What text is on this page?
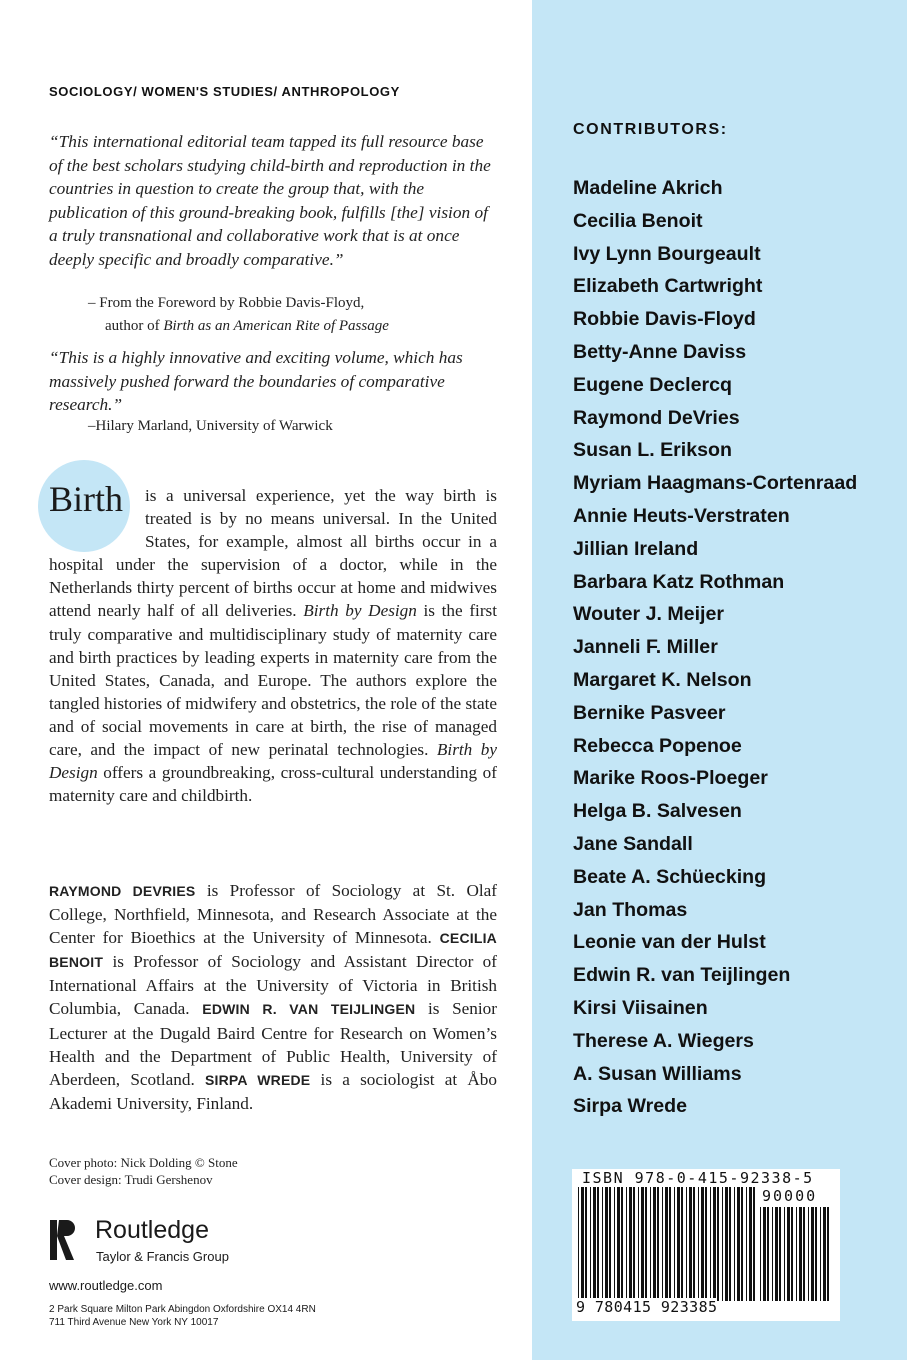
SOCIOLOGY/ WOMEN'S STUDIES/ ANTHROPOLOGY

“This international editorial team tapped its full resource base of the best scholars studying child-birth and reproduction in the countries in question to create the group that, with the publication of this ground-breaking book, fulfills [the] vision of a truly transnational and collaborative work that is at once deeply specific and broadly comparative.”

– From the Foreword by Robbie Davis-Floyd,
author of Birth as an American Rite of Passage

“This is a highly innovative and exciting volume, which has massively pushed forward the boundaries of comparative research.”

–Hilary Marland, University of Warwick
Birth	is a universal experience, yet the way birth is treated is by no means universal. In the United States, for example, almost all births occur in a hospital under the supervision of a doctor, while in the Netherlands thirty percent of births occur at home and midwives attend nearly half of all deliveries. Birth by Design is the first truly comparative and multidisciplinary study of maternity care and birth practices by leading experts in maternity care from the United States, Canada, and Europe. The authors explore the tangled histories of midwifery and obstetrics, the role of the state and of social movements in care at birth, the rise of managed care, and the impact of new perinatal technologies. Birth by Design offers a groundbreaking, cross-cultural understanding of maternity care and childbirth.
RAYMOND DEVRIES is Professor of Sociology at St. Olaf College, Northfield, Minnesota, and Research Associate at the Center for Bioethics at the University of Minnesota. CECILIA BENOIT is Professor of Sociology and Assistant Director of International Affairs at the University of Victoria in British Columbia, Canada. EDWIN R. VAN TEIJLINGEN is Senior Lecturer at the Dugald Baird Centre for Research on Women’s Health and the Department of Public Health, University of Aberdeen, Scotland. SIRPA WREDE is a sociologist at Åbo Akademi University, Finland.
Cover photo: Nick Dolding © Stone
Cover design: Trudi Gershenov
Routledge
Taylor & Francis Group
www.routledge.com
2 Park Square Milton Park Abingdon Oxfordshire OX14 4RN
711 Third Avenue New York NY 10017
CONTRIBUTORS:
Madeline Akrich
Cecilia Benoit
Ivy Lynn Bourgeault
Elizabeth Cartwright
Robbie Davis-Floyd
Betty-Anne Daviss
Eugene Declercq
Raymond DeVries
Susan L. Erikson
Myriam Haagmans-Cortenraad
Annie Heuts-Verstraten
Jillian Ireland
Barbara Katz Rothman
Wouter J. Meijer
Janneli F. Miller
Margaret K. Nelson
Bernike Pasveer
Rebecca Popenoe
Marike Roos-Ploeger
Helga B. Salvesen
Jane Sandall
Beate A. Schüecking
Jan Thomas
Leonie van der Hulst
Edwin R. van Teijlingen
Kirsi Viisainen
Therese A. Wiegers
A. Susan Williams
Sirpa Wrede
ISBN 978-0-415-92338-5
90000
9 780415 923385
